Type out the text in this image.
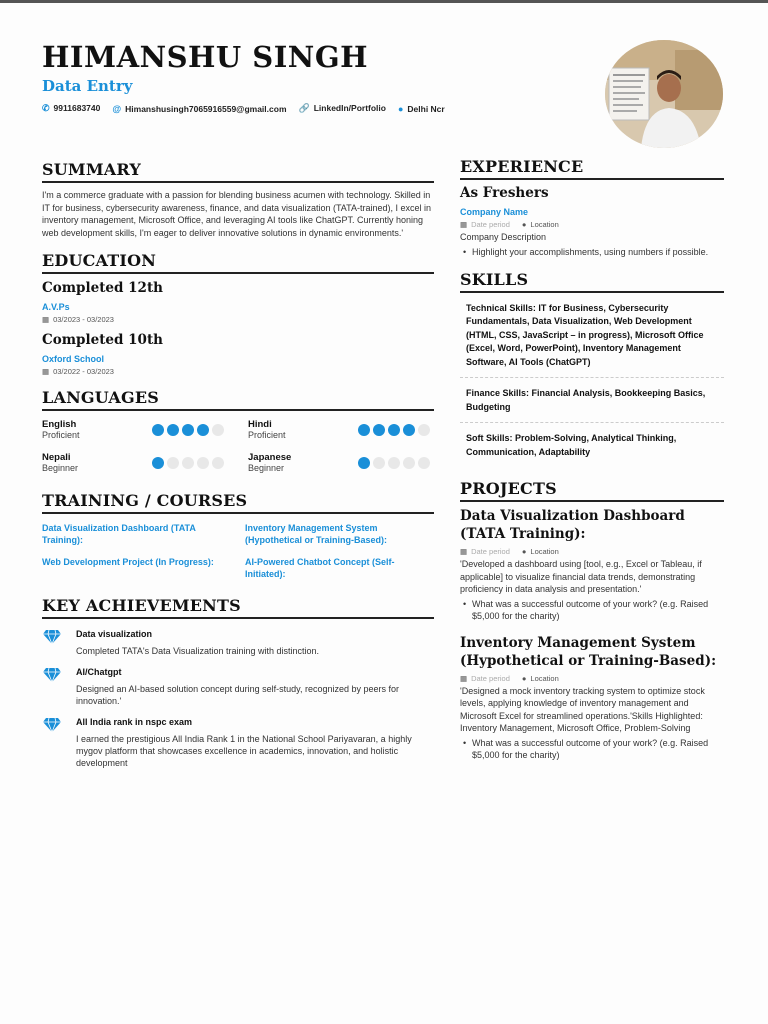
HIMANSHU SINGH
Data Entry
✆ 9911683740 @ Himanshusingh7065916559@gmail.com 🔗 LinkedIn/Portfolio ● Delhi Ncr
SUMMARY
I'm a commerce graduate with a passion for blending business acumen with technology. Skilled in IT for business, cybersecurity awareness, finance, and data visualization (TATA-trained), I excel in inventory management, Microsoft Office, and leveraging AI tools like ChatGPT. Currently honing web development skills, I'm eager to deliver innovative solutions in dynamic environments.'
EDUCATION
Completed 12th
A.V.Ps
▦ 03/2023 - 03/2023
Completed 10th
Oxford School
▦ 03/2022 - 03/2023
LANGUAGES
English
Proficient
Hindi
Proficient
Nepali
Beginner
Japanese
Beginner
TRAINING / COURSES
Data Visualization Dashboard (TATA Training):
Inventory Management System (Hypothetical or Training-Based):
Web Development Project (In Progress):	AI-Powered Chatbot Concept (Self-Initiated):
KEY ACHIEVEMENTS
Data visualization
Completed TATA's Data Visualization training with distinction.
AI/Chatgpt
Designed an AI-based solution concept during self-study, recognized by peers for innovation.'
All India rank in nspc exam
I earned the prestigious All India Rank 1 in the National School Pariyavaran, a highly mygov platform that showcases excellence in academics, innovation, and holistic development
EXPERIENCE
As Freshers
Company Name
▦ Date period ● Location
Company Description
• Highlight your accomplishments, using numbers if possible.
SKILLS
Technical Skills: IT for Business, Cybersecurity Fundamentals, Data Visualization, Web Development (HTML, CSS, JavaScript – in progress), Microsoft Office (Excel, Word, PowerPoint), Inventory Management Software, AI Tools (ChatGPT)
Finance Skills: Financial Analysis, Bookkeeping Basics, Budgeting
Soft Skills: Problem-Solving, Analytical Thinking, Communication, Adaptability
PROJECTS
Data Visualization Dashboard (TATA Training):
▦ Date period ● Location
'Developed a dashboard using [tool, e.g., Excel or Tableau, if applicable] to visualize financial data trends, demonstrating proficiency in data analysis and presentation.'
• What was a successful outcome of your work? (e.g. Raised $5,000 for the charity)
Inventory Management System (Hypothetical or Training-Based):
▦ Date period ● Location
'Designed a mock inventory tracking system to optimize stock levels, applying knowledge of inventory management and Microsoft Excel for streamlined operations.'Skills Highlighted: Inventory Management, Microsoft Office, Problem-Solving
• What was a successful outcome of your work? (e.g. Raised $5,000 for the charity)
